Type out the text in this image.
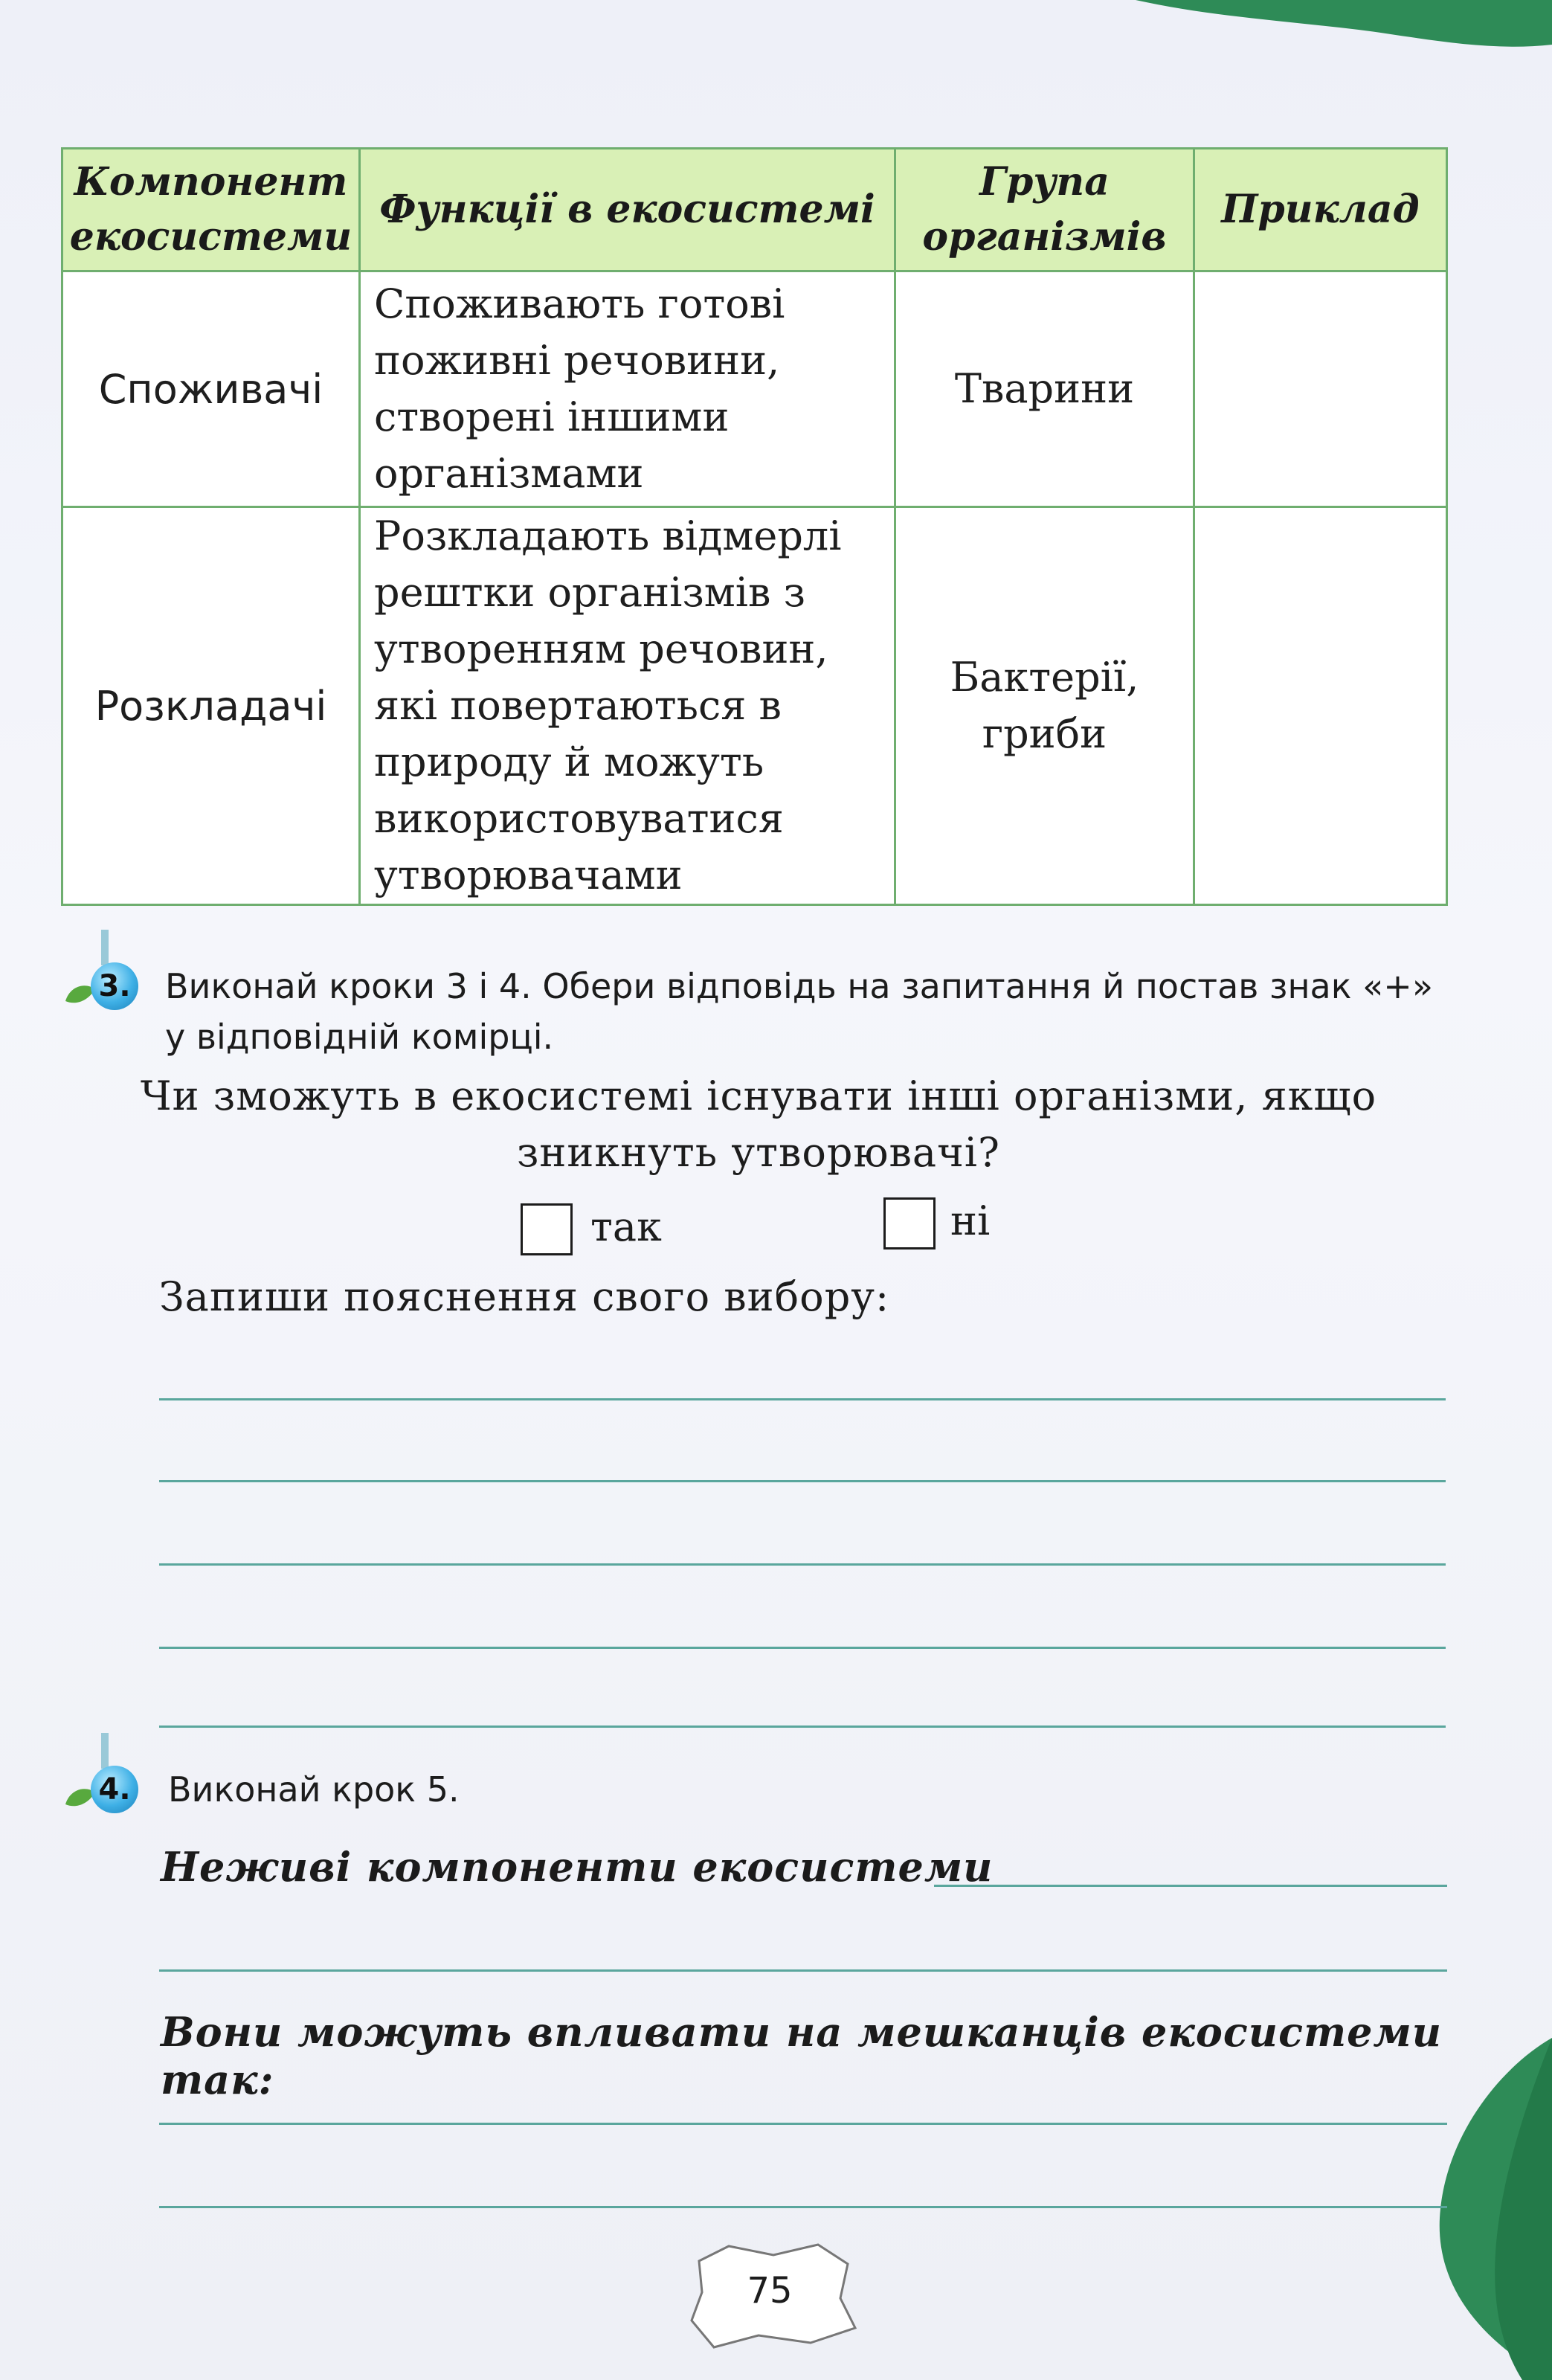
Компонент екосистеми	Функції в екосистемі	Група організмів	Приклад
Споживачі	Споживають готові поживні речовини, створені іншими організмами	Тварини	
Розкладачі	Розкладають відмерлі рештки організмів з утворенням речовин, які повертаються в природу й можуть використовуватися утворювачами	Бактерії, гриби	
3. Виконай кроки 3 і 4. Обери відповідь на запитання й постав знак «+»
у відповідній комірці.
Чи зможуть в екосистемі існувати інші організми, якщо
зникнуть утворювачі?
так	ні
Запиши пояснення свого вибору:
4. Виконай крок 5.
Неживі компоненти екосистеми
Вони можуть впливати на мешканців екосистеми так:
75
